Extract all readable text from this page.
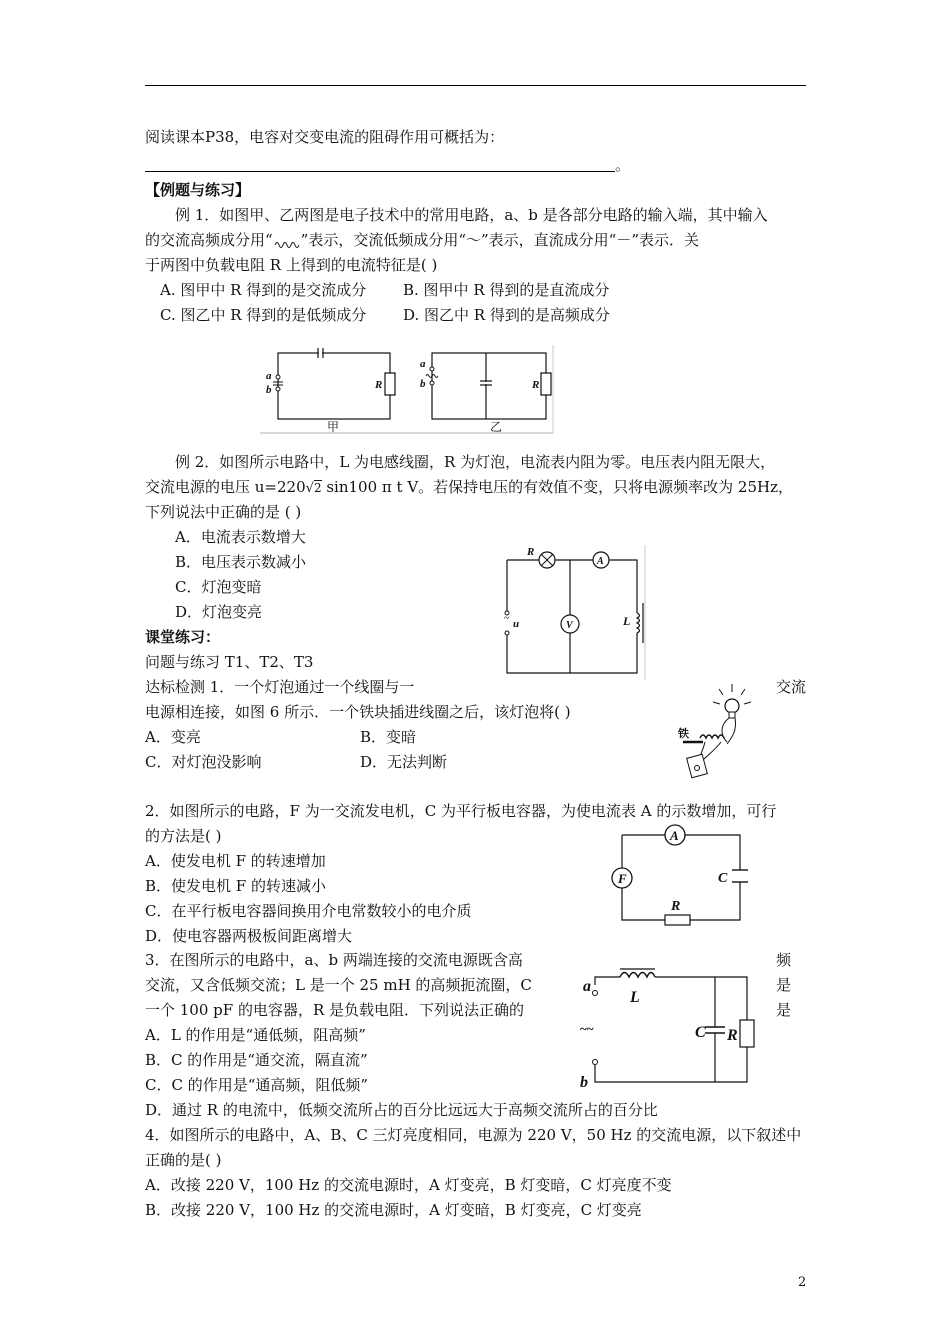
阅读课本P38，电容对交变电流的阻碍作用可概括为：
。
【例题与练习】
例 1．如图甲、乙两图是电子技术中的常用电路，a、b 是各部分电路的输入端，其中输入
的交流高频成分用“ ”表示，交流低频成分用“～”表示，直流成分用“－”表示．关
于两图中负载电阻 R 上得到的电流特征是( )
A. 图甲中 R 得到的是交流成分 B. 图甲中 R 得到的是直流成分
C. 图乙中 R 得到的是低频成分 D. 图乙中 R 得到的是高频成分
a
b	R
甲
a
b	R
乙
例 2．如图所示电路中，L 为电感线圈，R 为灯泡，电流表内阻为零。电压表内阻无限大，
交流电源的电压 u=220√2 sin100 π t V。若保持电压的有效值不变，只将电源频率改为 25Hz，
下列说法中正确的是 ( )
A．电流表示数增大
B．电压表示数减小
C．灯泡变暗
D．灯泡变亮
A
V
R
L
~ u
课堂练习：
问题与练习 T1、T2、T3
达标检测 1．一个灯泡通过一个线圈与一	交流
电源相连接，如图 6 所示．一个铁块插进线圈之后，该灯泡将( )
A．变亮	B．变暗
C．对灯泡没影响	D．无法判断
铁
2．如图所示的电路，F 为一交流发电机，C 为平行板电容器，为使电流表 A 的示数增加，可行
的方法是( )
A．使发电机 F 的转速增加
B．使发电机 F 的转速减小
C．在平行板电容器间换用介电常数较小的电介质
D．使电容器两极板间距离增大
A
F	C
R
3．在图所示的电路中，a、b 两端连接的交流电源既含高	频
交流，又含低频交流；L 是一个 25 mH 的高频扼流圈，C	是
一个 100 pF 的电容器，R 是负载电阻．下列说法正确的	是
A．L 的作用是“通低频，阻高频”
B．C 的作用是“通交流，隔直流”
C．C 的作用是“通高频，阻低频”
D．通过 R 的电流中，低频交流所占的百分比远远大于高频交流所占的百分比
a
b
L
C R
~~
4．如图所示的电路中，A、B、C 三灯亮度相同，电源为 220 V，50 Hz 的交流电源，以下叙述中
正确的是( )
A．改接 220 V，100 Hz 的交流电源时，A 灯变亮，B 灯变暗，C 灯亮度不变
B．改接 220 V，100 Hz 的交流电源时，A 灯变暗，B 灯变亮，C 灯变亮
2
